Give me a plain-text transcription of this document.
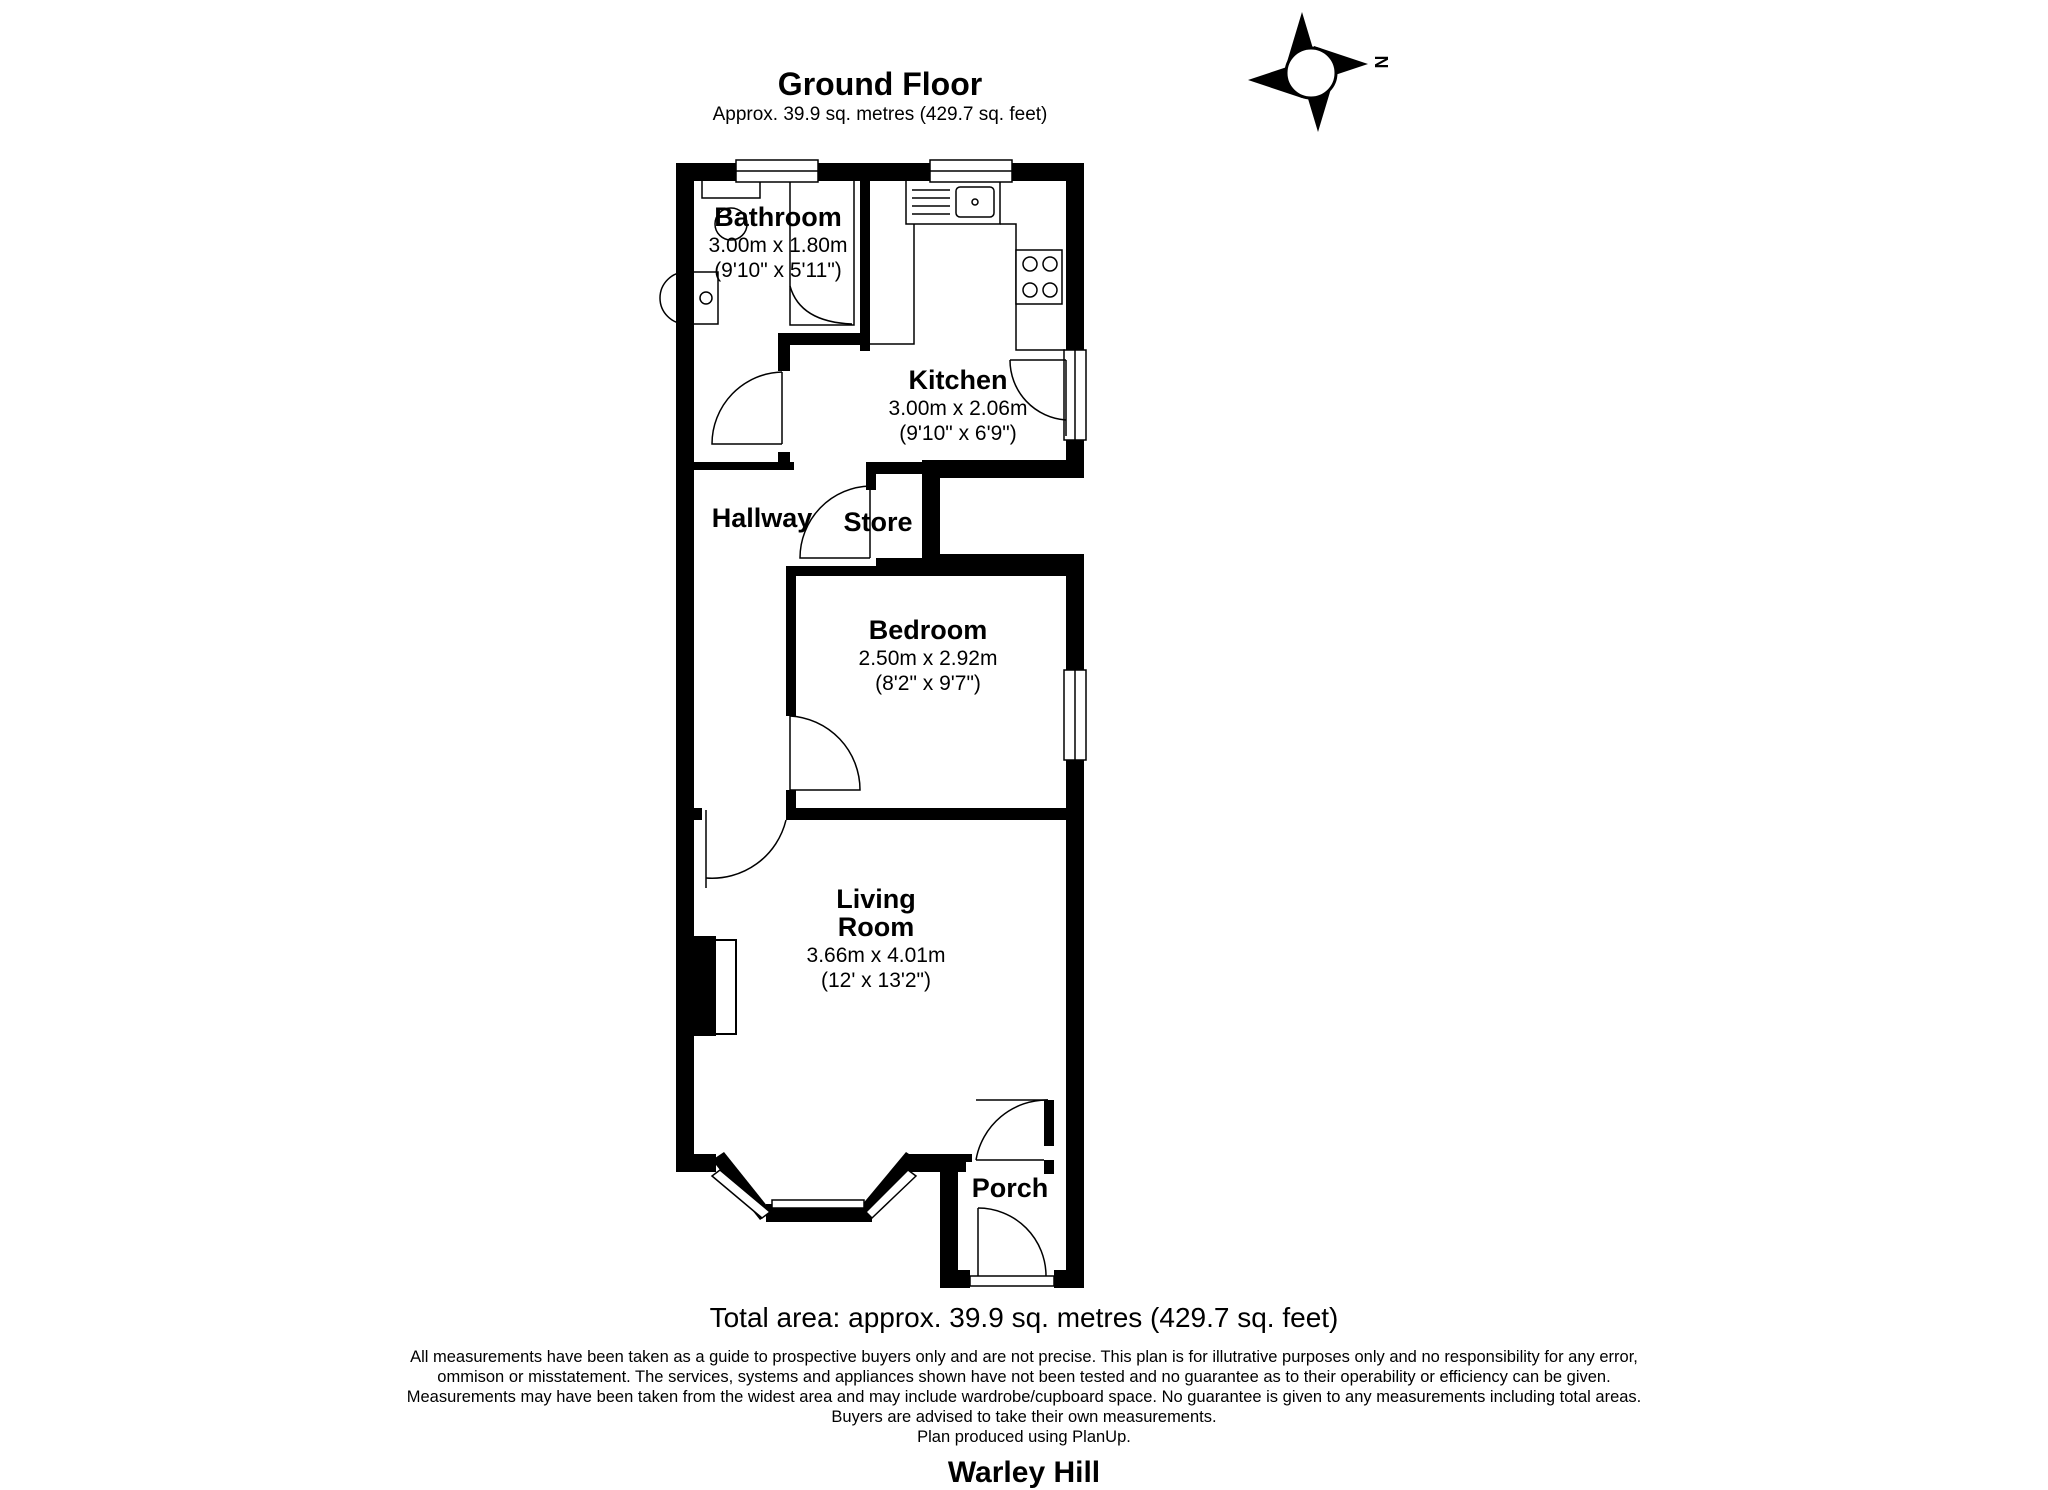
Ground Floor
Approx. 39.9 sq. metres (429.7 sq. feet)
N
Bathroom
3.00m x 1.80m
(9'10" x 5'11")
Kitchen
3.00m x 2.06m
(9'10" x 6'9")
Hallway Store
Bedroom
2.50m x 2.92m
(8'2" x 9'7")
Living
Room
3.66m x 4.01m
(12' x 13'2")
Porch
Total area: approx. 39.9 sq. metres (429.7 sq. feet)
All measurements have been taken as a guide to prospective buyers only and are not precise. This plan is for illutrative purposes only and no responsibility for any error,
ommison or misstatement. The services, systems and appliances shown have not been tested and no guarantee as to their operability or efficiency can be given.
Measurements may have been taken from the widest area and may include wardrobe/cupboard space. No guarantee is given to any measurements including total areas.
Buyers are advised to take their own measurements.
Plan produced using PlanUp.
Warley Hill
